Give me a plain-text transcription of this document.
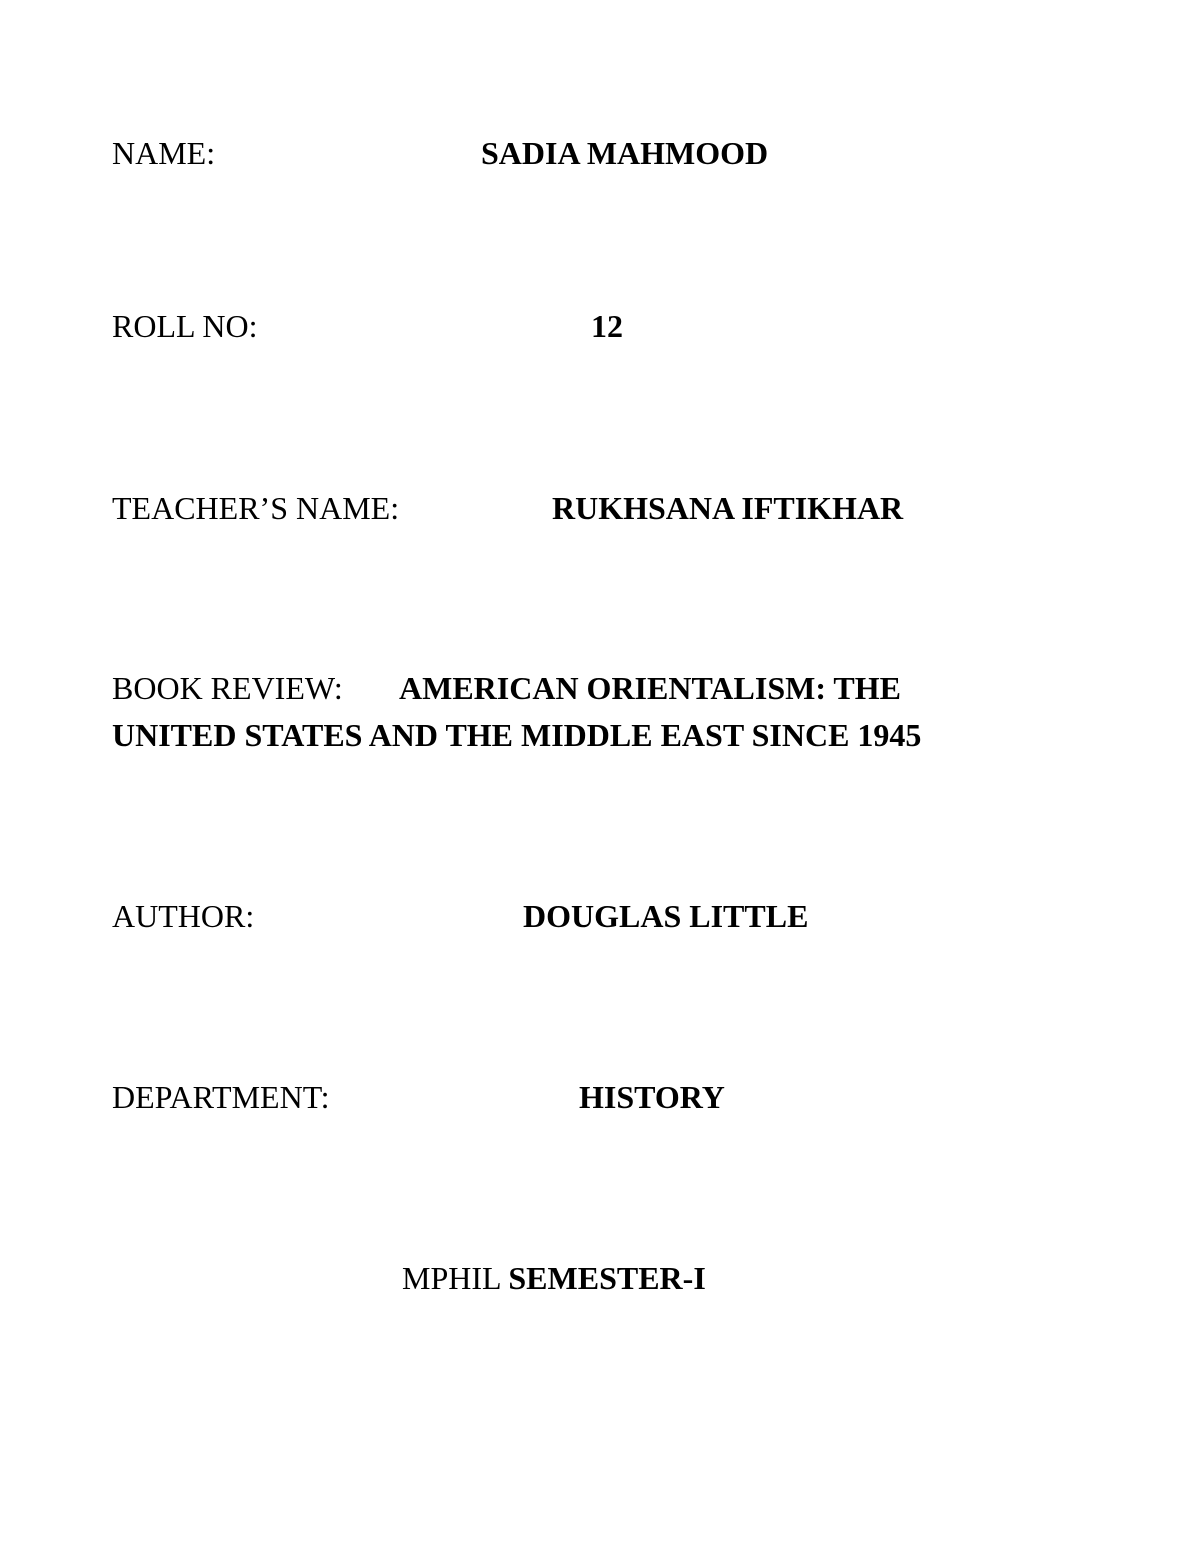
NAME:	SADIA MAHMOOD
ROLL NO:	12
TEACHER’S NAME:	RUKHSANA IFTIKHAR
BOOK REVIEW: AMERICAN ORIENTALISM: THE
UNITED STATES AND THE MIDDLE EAST SINCE 1945
AUTHOR:	DOUGLAS LITTLE
DEPARTMENT:	HISTORY
MPHIL SEMESTER-I
